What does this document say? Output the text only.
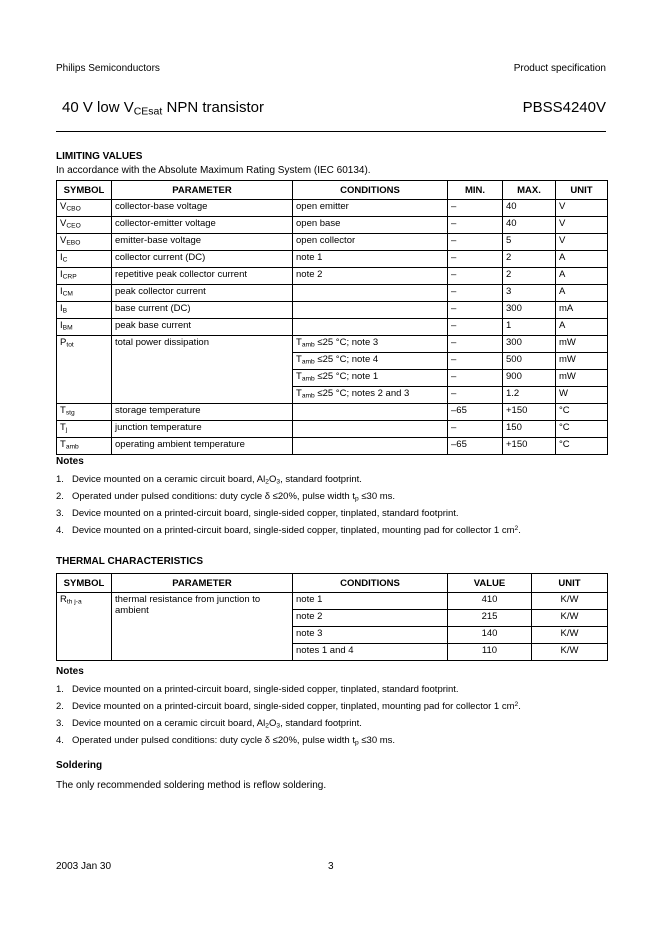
Philips Semiconductors	Product specification
40 V low $V_{CEsat}$ NPN transistor	PBSS4240V
LIMITING VALUES
In accordance with the Absolute Maximum Rating System (IEC 60134).
SYMBOL	PARAMETER	CONDITIONS	MIN.	MAX.	UNIT
$V_{CBO}$	collector-base voltage	open emitter	–	40	V
$V_{CEO}$	collector-emitter voltage	open base	–	40	V
$V_{EBO}$	emitter-base voltage	open collector	–	5	V
$I_C$	collector current (DC)	note 1	–	2	A
$I_{CRP}$	repetitive peak collector current	note 2	–	2	A
$I_{CM}$	peak collector current		–	3	A
$I_B$	base current (DC)		–	300	mA
$I_{BM}$	peak base current		–	1	A
$P_{tot}$	total power dissipation	$T_{amb} \le 25$ °C; note 3	–	300	mW
		$T_{amb} \le 25$ °C; note 4	–	500	mW
		$T_{amb} \le 25$ °C; note 1	–	900	mW
		$T_{amb} \le 25$ °C; notes 2 and 3	–	1.2	W
$T_{stg}$	storage temperature		–65	+150	°C
$T_j$	junction temperature		–	150	°C
$T_{amb}$	operating ambient temperature		–65	+150	°C
Notes
1. Device mounted on a ceramic circuit board, $Al_2O_3$, standard footprint.
2. Operated under pulsed conditions: duty cycle δ ≤20%, pulse width $t_p \le 30$ ms.
3. Device mounted on a printed-circuit board, single-sided copper, tinplated, standard footprint.
4. Device mounted on a printed-circuit board, single-sided copper, tinplated, mounting pad for collector 1 $cm^2$.
THERMAL CHARACTERISTICS
SYMBOL	PARAMETER	CONDITIONS	VALUE	UNIT
$R_{th j-a}$	thermal resistance from junction to ambient	note 1	410	K/W
		note 2	215	K/W
		note 3	140	K/W
		notes 1 and 4	110	K/W
Notes
1. Device mounted on a printed-circuit board, single-sided copper, tinplated, standard footprint.
2. Device mounted on a printed-circuit board, single-sided copper, tinplated, mounting pad for collector 1 $cm^2$.
3. Device mounted on a ceramic circuit board, $Al_2O_3$, standard footprint.
4. Operated under pulsed conditions: duty cycle δ ≤20%, pulse width $t_p \le 30$ ms.
Soldering
The only recommended soldering method is reflow soldering.
2003 Jan 30	3
